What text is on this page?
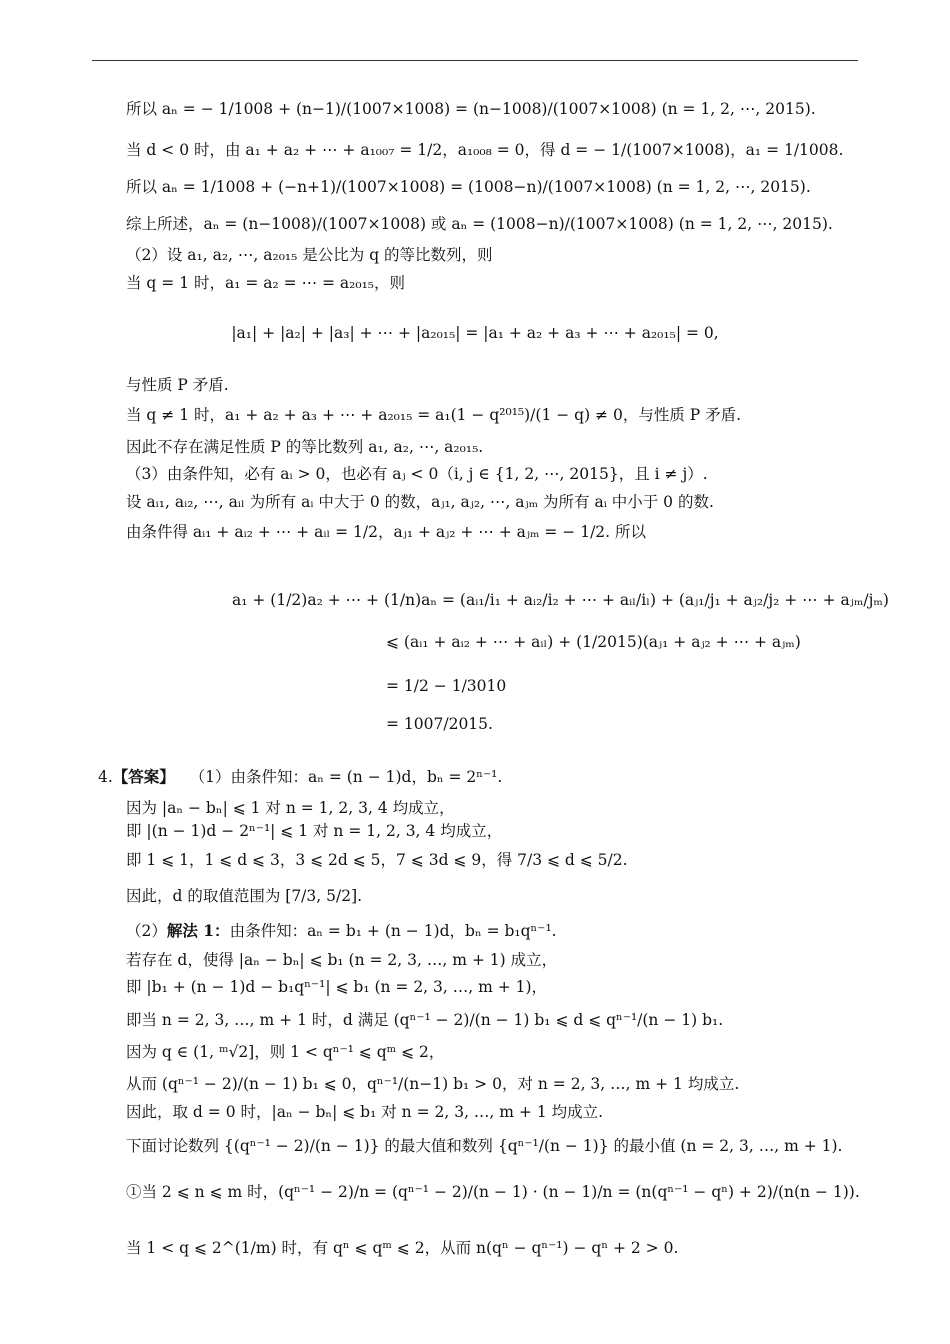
所以 aₙ = − 1/1008 + (n−1)/(1007×1008) = (n−1008)/(1007×1008) (n = 1, 2, ⋯, 2015).
当 d < 0 时，由 a₁ + a₂ + ⋯ + a₁₀₀₇ = 1/2，a₁₀₀₈ = 0，得 d = − 1/(1007×1008)，a₁ = 1/1008.
所以 aₙ = 1/1008 + (−n+1)/(1007×1008) = (1008−n)/(1007×1008) (n = 1, 2, ⋯, 2015).
综上所述，aₙ = (n−1008)/(1007×1008) 或 aₙ = (1008−n)/(1007×1008) (n = 1, 2, ⋯, 2015).
（2）设 a₁, a₂, ⋯, a₂₀₁₅ 是公比为 q 的等比数列，则
当 q = 1 时，a₁ = a₂ = ⋯ = a₂₀₁₅，则
|a₁| + |a₂| + |a₃| + ⋯ + |a₂₀₁₅| = |a₁ + a₂ + a₃ + ⋯ + a₂₀₁₅| = 0,
与性质 P 矛盾.
当 q ≠ 1 时，a₁ + a₂ + a₃ + ⋯ + a₂₀₁₅ = a₁(1 − q²⁰¹⁵)/(1 − q) ≠ 0，与性质 P 矛盾.
因此不存在满足性质 P 的等比数列 a₁, a₂, ⋯, a₂₀₁₅.
（3）由条件知，必有 aᵢ > 0，也必有 aⱼ < 0（i, j ∈ {1, 2, ⋯, 2015}，且 i ≠ j）.
设 aᵢ₁, aᵢ₂, ⋯, aᵢₗ 为所有 aᵢ 中大于 0 的数，aⱼ₁, aⱼ₂, ⋯, aⱼₘ 为所有 aᵢ 中小于 0 的数.
由条件得 aᵢ₁ + aᵢ₂ + ⋯ + aᵢₗ = 1/2，aⱼ₁ + aⱼ₂ + ⋯ + aⱼₘ = − 1/2. 所以
a₁ + (1/2)a₂ + ⋯ + (1/n)aₙ = (aᵢ₁/i₁ + aᵢ₂/i₂ + ⋯ + aᵢₗ/iₗ) + (aⱼ₁/j₁ + aⱼ₂/j₂ + ⋯ + aⱼₘ/jₘ)
⩽ (aᵢ₁ + aᵢ₂ + ⋯ + aᵢₗ) + (1/2015)(aⱼ₁ + aⱼ₂ + ⋯ + aⱼₘ)
= 1/2 − 1/3010
= 1007/2015.
4.【答案】 （1）由条件知：aₙ = (n − 1)d，bₙ = 2ⁿ⁻¹.
因为 |aₙ − bₙ| ⩽ 1 对 n = 1, 2, 3, 4 均成立，
即 |(n − 1)d − 2ⁿ⁻¹| ⩽ 1 对 n = 1, 2, 3, 4 均成立，
即 1 ⩽ 1，1 ⩽ d ⩽ 3，3 ⩽ 2d ⩽ 5，7 ⩽ 3d ⩽ 9，得 7/3 ⩽ d ⩽ 5/2.
因此，d 的取值范围为 [7/3, 5/2].
（2）解法 1：由条件知：aₙ = b₁ + (n − 1)d，bₙ = b₁qⁿ⁻¹.
若存在 d，使得 |aₙ − bₙ| ⩽ b₁ (n = 2, 3, …, m + 1) 成立，
即 |b₁ + (n − 1)d − b₁qⁿ⁻¹| ⩽ b₁ (n = 2, 3, …, m + 1)，
即当 n = 2, 3, …, m + 1 时，d 满足 (qⁿ⁻¹ − 2)/(n − 1) b₁ ⩽ d ⩽ qⁿ⁻¹/(n − 1) b₁.
因为 q ∈ (1, ᵐ√2]，则 1 < qⁿ⁻¹ ⩽ qᵐ ⩽ 2，
从而 (qⁿ⁻¹ − 2)/(n − 1) b₁ ⩽ 0，qⁿ⁻¹/(n−1) b₁ > 0，对 n = 2, 3, …, m + 1 均成立.
因此，取 d = 0 时，|aₙ − bₙ| ⩽ b₁ 对 n = 2, 3, …, m + 1 均成立.
下面讨论数列 {(qⁿ⁻¹ − 2)/(n − 1)} 的最大值和数列 {qⁿ⁻¹/(n − 1)} 的最小值 (n = 2, 3, …, m + 1).
①当 2 ⩽ n ⩽ m 时，(qⁿ⁻¹ − 2)/n = (qⁿ⁻¹ − 2)/(n − 1) · (n − 1)/n = (n(qⁿ⁻¹ − qⁿ) + 2)/(n(n − 1)).
当 1 < q ⩽ 2^(1/m) 时，有 qⁿ ⩽ qᵐ ⩽ 2，从而 n(qⁿ − qⁿ⁻¹) − qⁿ + 2 > 0.
